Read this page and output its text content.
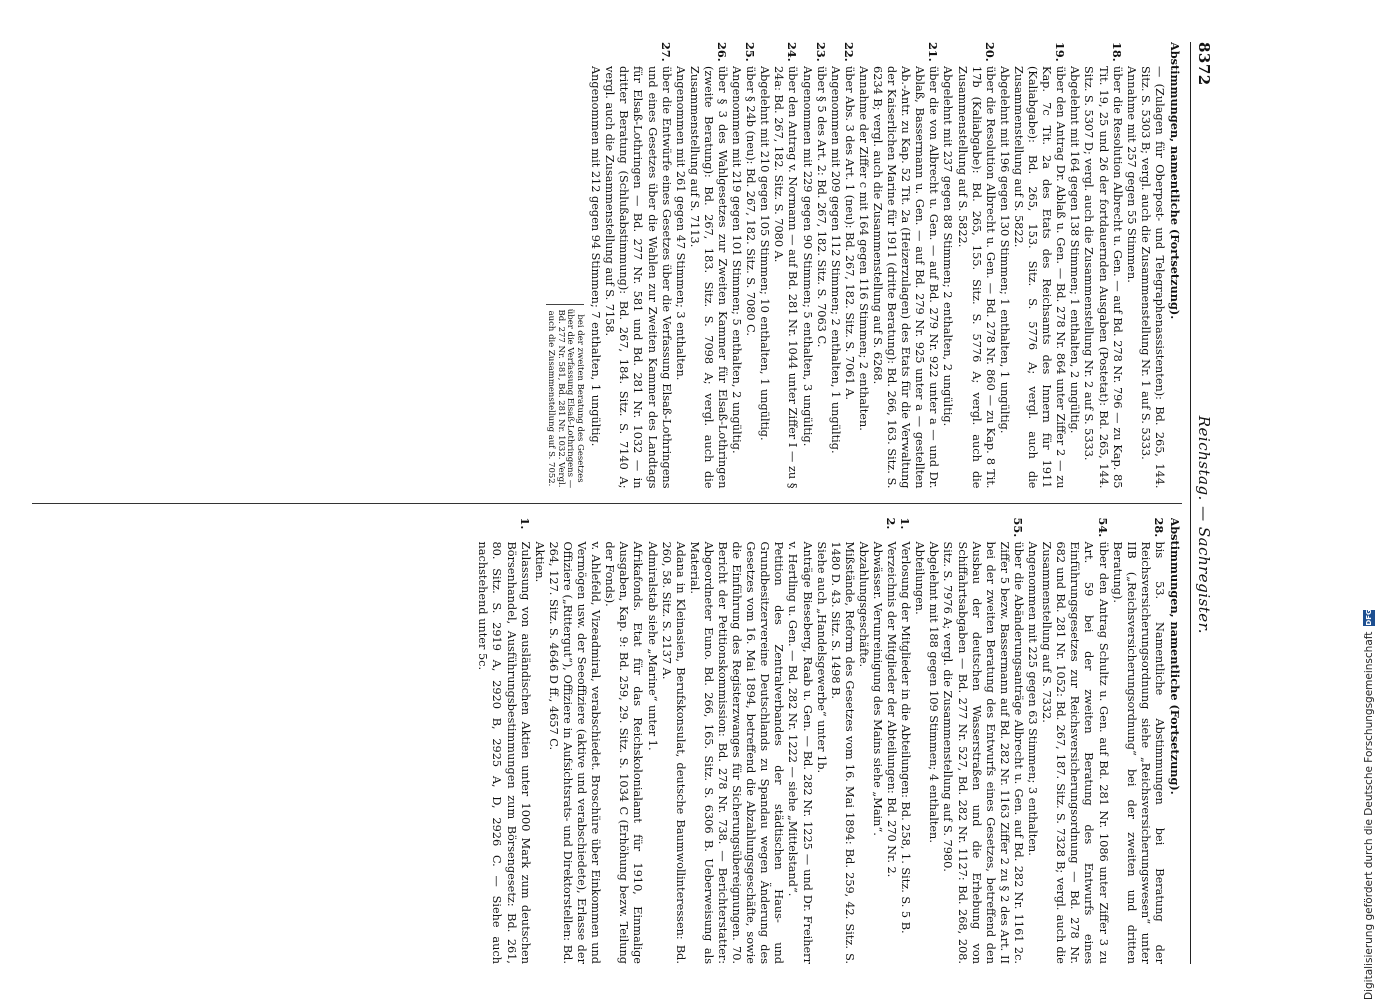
8372
Reichstag. — Sachregister.

Abstimmungen, namentliche (Fortsetzung).

— (Zulagen für Oberpost- und Telegraphenassistenten): Bd. 265, 144. Sitz. S. 5303 B; vergl. auch die Zusammenstellung Nr. 1 auf S. 5333.
Annahme mit 257 gegen 55 Stimmen.
18.
über die Resolution Albrecht u. Gen. — auf Bd. 278 Nr. 796 — zu Kap. 85 Tit. 19, 25 und 26 der fortdauernden Ausgaben (Postetat): Bd. 265, 144. Sitz. S. 5307 D; vergl. auch die Zusammenstellung Nr. 2 auf S. 5333.
Abgelehnt mit 164 gegen 138 Stimmen; 1 enthalten, 2 ungültig.
19.
über den Antrag Dr. Ablaß u. Gen. — Bd. 278 Nr. 864 unter Ziffer 2 — zu Kap. 7c Tit. 2a des Etats des Reichsamts des Innern für 1911 (Kaliabgabe): Bd. 265, 153. Sitz. S. 5776 A; vergl. auch die Zusammenstellung auf S. 5822.
Abgelehnt mit 196 gegen 130 Stimmen; 1 enthalten, 1 ungültig.
20.
über die Resolution Albrecht u. Gen. — Bd. 278 Nr. 860 — zu Kap. 8 Tit. 17b (Kaliabgabe): Bd. 265, 155. Sitz. S. 5776 A; vergl. auch die Zusammenstellung auf S. 5822.
Abgelehnt mit 237 gegen 88 Stimmen; 2 enthalten, 2 ungültig.
21.
über die von Albrecht u. Gen. — auf Bd. 279 Nr. 922 unter a — und Dr. Ablaß, Bassermann u. Gen. — auf Bd. 279 Nr. 925 unter a — gestellten Ab.-Antr. zu Kap. 52 Tit. 2a (Heizerzulagen) des Etats für die Verwaltung der Kaiserlichen Marine für 1911 (dritte Beratung): Bd. 266, 163. Sitz. S. 6234 B; vergl. auch die Zusammenstellung auf S. 6268.
Annahme der Ziffer c mit 164 gegen 116 Stimmen; 2 enthalten.
22.
über Abs. 3 des Art. 1 (neu): Bd. 267, 182. Sitz. S. 7061 A.
Angenommen mit 209 gegen 112 Stimmen; 2 enthalten, 1 ungültig.
23.
über § 5 des Art. 2: Bd. 267, 182. Sitz. S. 7063 C.
Angenommen mit 229 gegen 90 Stimmen; 5 enthalten, 3 ungültig.
24.
über den Antrag v. Normann — auf Bd. 281 Nr. 1044 unter Ziffer I — zu § 24a: Bd. 267, 182. Sitz. S. 7080 A.
Abgelehnt mit 210 gegen 105 Stimmen; 10 enthalten, 1 ungültig.
25.
über § 24b (neu): Bd. 267, 182. Sitz. S. 7080 C.
Angenommen mit 219 gegen 101 Stimmen; 5 enthalten, 2 ungültig.
26.
über § 3 des Wahlgesetzes zur Zweiten Kammer für Elsaß-Lothringen (zweite Beratung): Bd. 267, 183. Sitz. S. 7098 A; vergl. auch die Zusammenstellung auf S. 7113.
Angenommen mit 261 gegen 47 Stimmen; 3 enthalten.
27.
über die Entwürfe eines Gesetzes über die Verfassung Elsaß-Lothringens und eines Gesetzes über die Wahlen zur Zweiten Kammer des Landtags für Elsaß-Lothringen — Bd. 277 Nr. 581 und Bd. 281 Nr. 1032 — in dritter Beratung (Schlußabstimmung): Bd. 267, 184. Sitz. S. 7140 A; vergl. auch die Zusammenstellung auf S. 7158.
Angenommen mit 212 gegen 94 Stimmen; 7 enthalten, 1 ungültig.
bei der zweiten Beratung des Gesetzes über die Verfassung Elsaß-Lothringens — Bd. 277 Nr. 581, Bd. 281 Nr. 1032. Vergl. auch die Zusammenstellung auf S. 7052.

Abstimmungen, namentliche (Fortsetzung).

28.
bis 53. Namentliche Abstimmungen bei Beratung der Reichsversicherungsordnung siehe „Reichsversicherungswesen“ unter IIB („Reichsversicherungsordnung“ bei der zweiten und dritten Beratung).
54.
über den Antrag Schultz u. Gen. auf Bd. 281 Nr. 1086 unter Ziffer 3 zu Art. 59 bei der zweiten Beratung des Entwurfs eines Einführungsgesetzes zur Reichsversicherungsordnung — Bd. 278 Nr. 682 und Bd. 281 Nr. 1052: Bd. 267, 187. Sitz. S. 7328 B; vergl. auch die Zusammenstellung auf S. 7332.
Angenommen mit 225 gegen 63 Stimmen; 3 enthalten.
55.
über die Abänderungsanträge Albrecht u. Gen. auf Bd. 282 Nr. 1161 2c. Ziffer 5 bezw. Bassermann auf Bd. 282 Nr. 1163 Ziffer 2 zu § 2 des Art. II bei der zweiten Beratung des Entwurfs eines Gesetzes, betreffend den Ausbau der deutschen Wasserstraßen und die Erhebung von Schiffahrtsabgaben — Bd. 277 Nr. 527, Bd. 282 Nr. 1127: Bd. 268, 208. Sitz. S. 7976 A; vergl. die Zusammenstellung auf S. 7980.
Abgelehnt mit 188 gegen 109 Stimmen; 4 enthalten.
Abteilungen.
1.
Verlosung der Mitglieder in die Abteilungen: Bd. 258, 1. Sitz. S. 5 B.
2.
Verzeichnis der Mitglieder der Abteilungen: Bd. 270 Nr. 2.
Abwässer. Verunreinigung des Mains siehe „Main“.
Abzahlungsgeschäfte.
Mißstände, Reform des Gesetzes vom 16. Mai 1894: Bd. 259, 42. Sitz. S. 1480 D. 43. Sitz. S. 1498 B.
Siehe auch „Handelsgewerbe“ unter 1b.
Anträge Bieseberg, Raab u. Gen. — Bd. 282 Nr. 1225 — und Dr. Freiherr v. Hertling u. Gen. — Bd. 282 Nr. 1222 — siehe „Mittelstand“.
Petition des Zentralverbandes der städtischen Haus- und Grundbesitzervereine Deutschlands zu Spandau wegen Änderung des Gesetzes vom 16. Mai 1894, betreffend die Abzahlungsgeschäfte, sowie die Einführung des Registerzwanges für Sicherungsübereignungen. 70. Bericht der Petitionskommission: Bd. 278 Nr. 738. — Berichterstatter: Abgeordneter Euno. Bd. 266, 165. Sitz. S. 6306 B. Ueberweisung als Material.
Adana in Kleinasien, Berufskonsulat, deutsche Baumwollinteressen: Bd. 260, 58. Sitz. S. 2137 A.
Admiralstab siehe „Marine“ unter 1.
Afrikafonds. Etat für das Reichskolonialamt für 1910, Einmalige Ausgaben, Kap. 9: Bd. 259, 29. Sitz. S. 1034 C (Erhöhung bezw. Teilung der Fonds).
v. Ahlefeld, Vizeadmiral, verabschiedet. Broschüre über Einkommen und Vermögen usw. der Seeoffiziere (aktive und verabschiedete), Erlasse der Offiziere („Rittergut“), Offiziere in Aufsichtsrats- und Direktorstellen: Bd. 264, 127. Sitz. S. 4646 D ff., 4657 C.
Aktien.
1.
Zulassung von ausländischen Aktien unter 1000 Mark zum deutschen Börsenhandel, Ausführungsbestimmungen zum Börsengesetz: Bd. 261, 80. Sitz. S. 2919 A, 2920 B, 2925 A, D, 2926 C. — Siehe auch nachstehend unter 5c.
Digitalisierung gefördert durch die Deutsche Forschungsgemeinschaft
DFG
